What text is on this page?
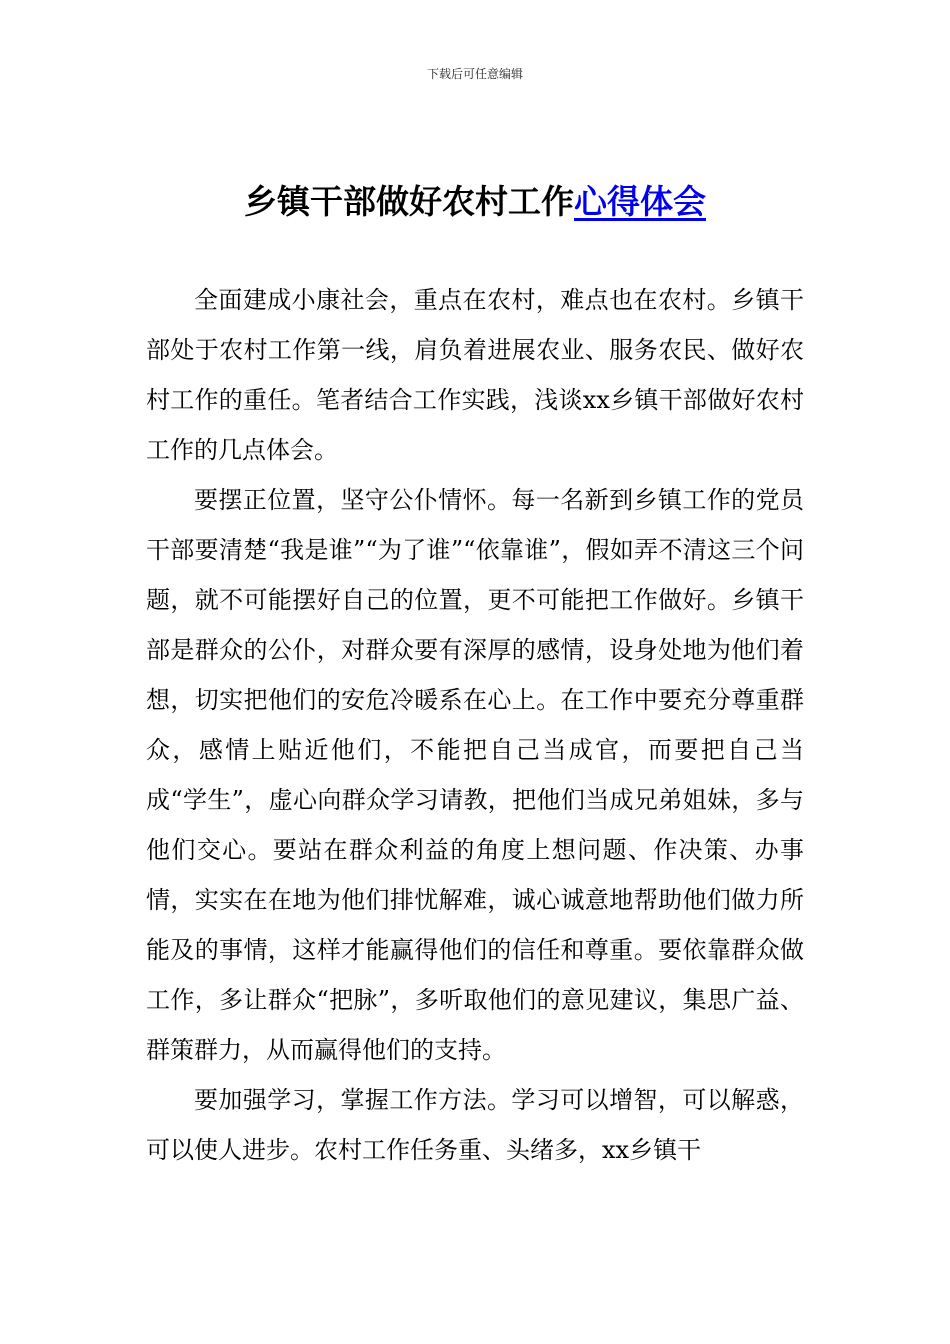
下载后可任意编辑
乡镇干部做好农村工作心得体会

全面建成小康社会，重点在农村，难点也在农村。乡镇干部处于农村工作第一线，肩负着进展农业、服务农民、做好农村工作的重任。笔者结合工作实践，浅谈xx乡镇干部做好农村工作的几点体会。

要摆正位置，坚守公仆情怀。每一名新到乡镇工作的党员干部要清楚“我是谁”“为了谁”“依靠谁”，假如弄不清这三个问题，就不可能摆好自己的位置，更不可能把工作做好。乡镇干部是群众的公仆，对群众要有深厚的感情，设身处地为他们着想，切实把他们的安危冷暖系在心上。在工作中要充分尊重群众，感情上贴近他们，不能把自己当成官，而要把自己当成“学生”，虚心向群众学习请教，把他们当成兄弟姐妹，多与他们交心。要站在群众利益的角度上想问题、作决策、办事情，实实在在地为他们排忧解难，诚心诚意地帮助他们做力所能及的事情，这样才能赢得他们的信任和尊重。要依靠群众做工作，多让群众“把脉”，多听取他们的意见建议，集思广益、群策群力，从而赢得他们的支持。

要加强学习，掌握工作方法。学习可以增智，可以解惑，可以使人进步。农村工作任务重、头绪多，xx乡镇干
